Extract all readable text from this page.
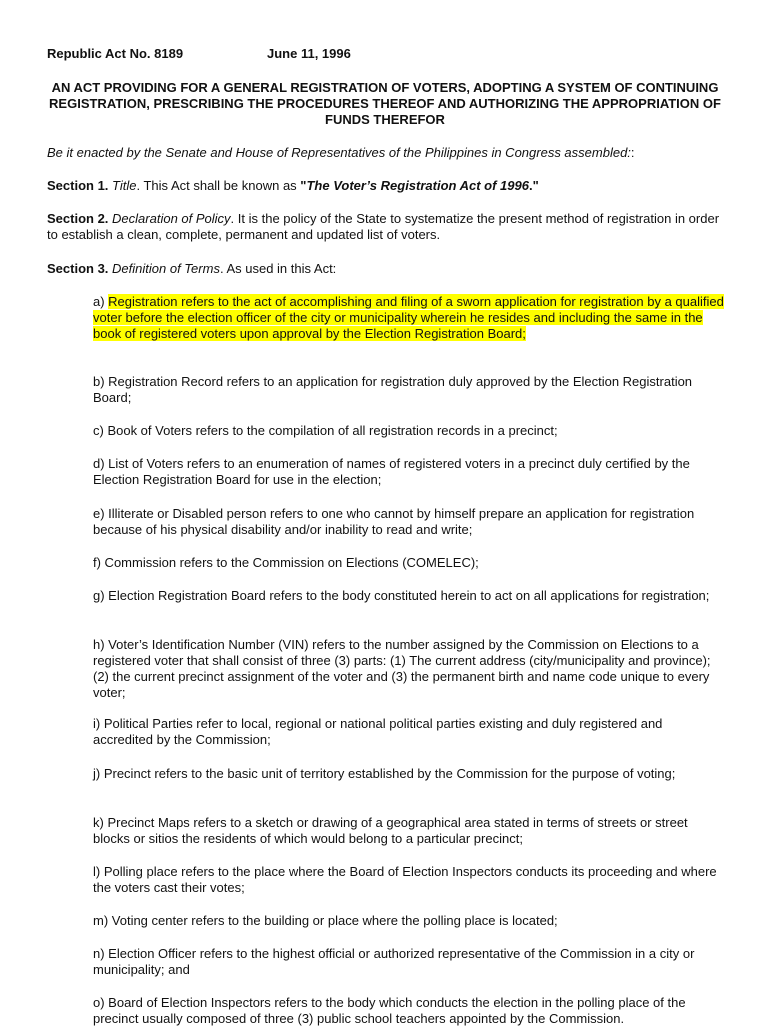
Republic Act No. 8189	June 11, 1996
AN ACT PROVIDING FOR A GENERAL REGISTRATION OF VOTERS, ADOPTING A SYSTEM OF CONTINUING REGISTRATION, PRESCRIBING THE PROCEDURES THEREOF AND AUTHORIZING THE APPROPRIATION OF FUNDS THEREFOR
Be it enacted by the Senate and House of Representatives of the Philippines in Congress assembled::
Section 1. Title. This Act shall be known as "The Voter’s Registration Act of 1996."
Section 2. Declaration of Policy. It is the policy of the State to systematize the present method of registration in order to establish a clean, complete, permanent and updated list of voters.
Section 3. Definition of Terms. As used in this Act:
a) Registration refers to the act of accomplishing and filing of a sworn application for registration by a qualified voter before the election officer of the city or municipality wherein he resides and including the same in the book of registered voters upon approval by the Election Registration Board;
b) Registration Record refers to an application for registration duly approved by the Election Registration Board;
c) Book of Voters refers to the compilation of all registration records in a precinct;
d) List of Voters refers to an enumeration of names of registered voters in a precinct duly certified by the Election Registration Board for use in the election;
e) Illiterate or Disabled person refers to one who cannot by himself prepare an application for registration because of his physical disability and/or inability to read and write;
f) Commission refers to the Commission on Elections (COMELEC);
g) Election Registration Board refers to the body constituted herein to act on all applications for registration;
h) Voter’s Identification Number (VIN) refers to the number assigned by the Commission on Elections to a registered voter that shall consist of three (3) parts: (1) The current address (city/municipality and province); (2) the current precinct assignment of the voter and (3) the permanent birth and name code unique to every voter;
i) Political Parties refer to local, regional or national political parties existing and duly registered and accredited by the Commission;
j) Precinct refers to the basic unit of territory established by the Commission for the purpose of voting;
k) Precinct Maps refers to a sketch or drawing of a geographical area stated in terms of streets or street blocks or sitios the residents of which would belong to a particular precinct;
l) Polling place refers to the place where the Board of Election Inspectors conducts its proceeding and where the voters cast their votes;
m) Voting center refers to the building or place where the polling place is located;
n) Election Officer refers to the highest official or authorized representative of the Commission in a city or municipality; and
o) Board of Election Inspectors refers to the body which conducts the election in the polling place of the precinct usually composed of three (3) public school teachers appointed by the Commission.
